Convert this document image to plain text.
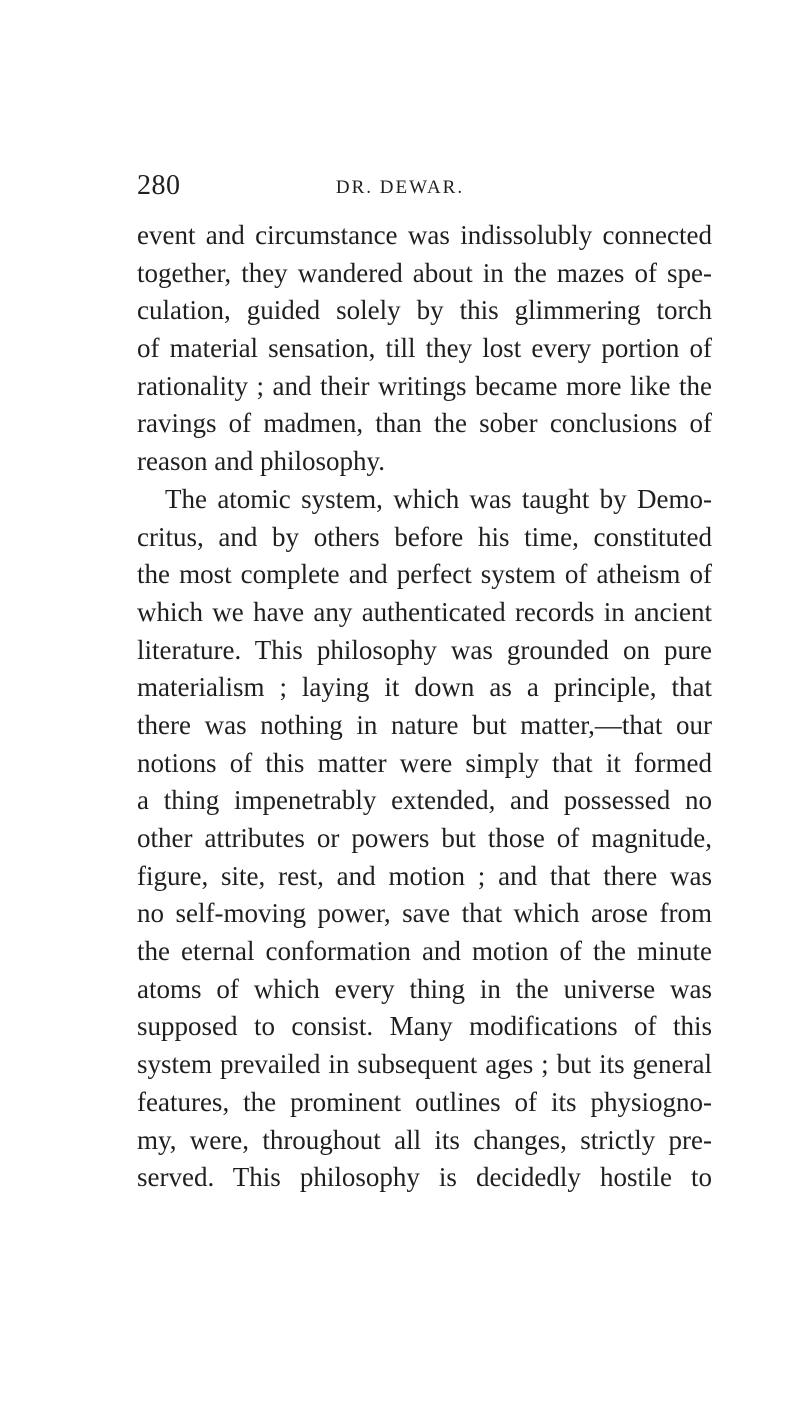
280	DR. DEWAR.
event and circumstance was indissolubly connected
together, they wandered about in the mazes of spe-
culation, guided solely by this glimmering torch
of material sensation, till they lost every portion of
rationality ; and their writings became more like the
ravings of madmen, than the sober conclusions of
reason and philosophy.
The atomic system, which was taught by Demo-
critus, and by others before his time, constituted
the most complete and perfect system of atheism of
which we have any authenticated records in ancient
literature. This philosophy was grounded on pure
materialism ; laying it down as a principle, that
there was nothing in nature but matter,—that our
notions of this matter were simply that it formed
a thing impenetrably extended, and possessed no
other attributes or powers but those of magnitude,
figure, site, rest, and motion ; and that there was
no self-moving power, save that which arose from
the eternal conformation and motion of the minute
atoms of which every thing in the universe was
supposed to consist. Many modifications of this
system prevailed in subsequent ages ; but its general
features, the prominent outlines of its physiogno-
my, were, throughout all its changes, strictly pre-
served. This philosophy is decidedly hostile to
